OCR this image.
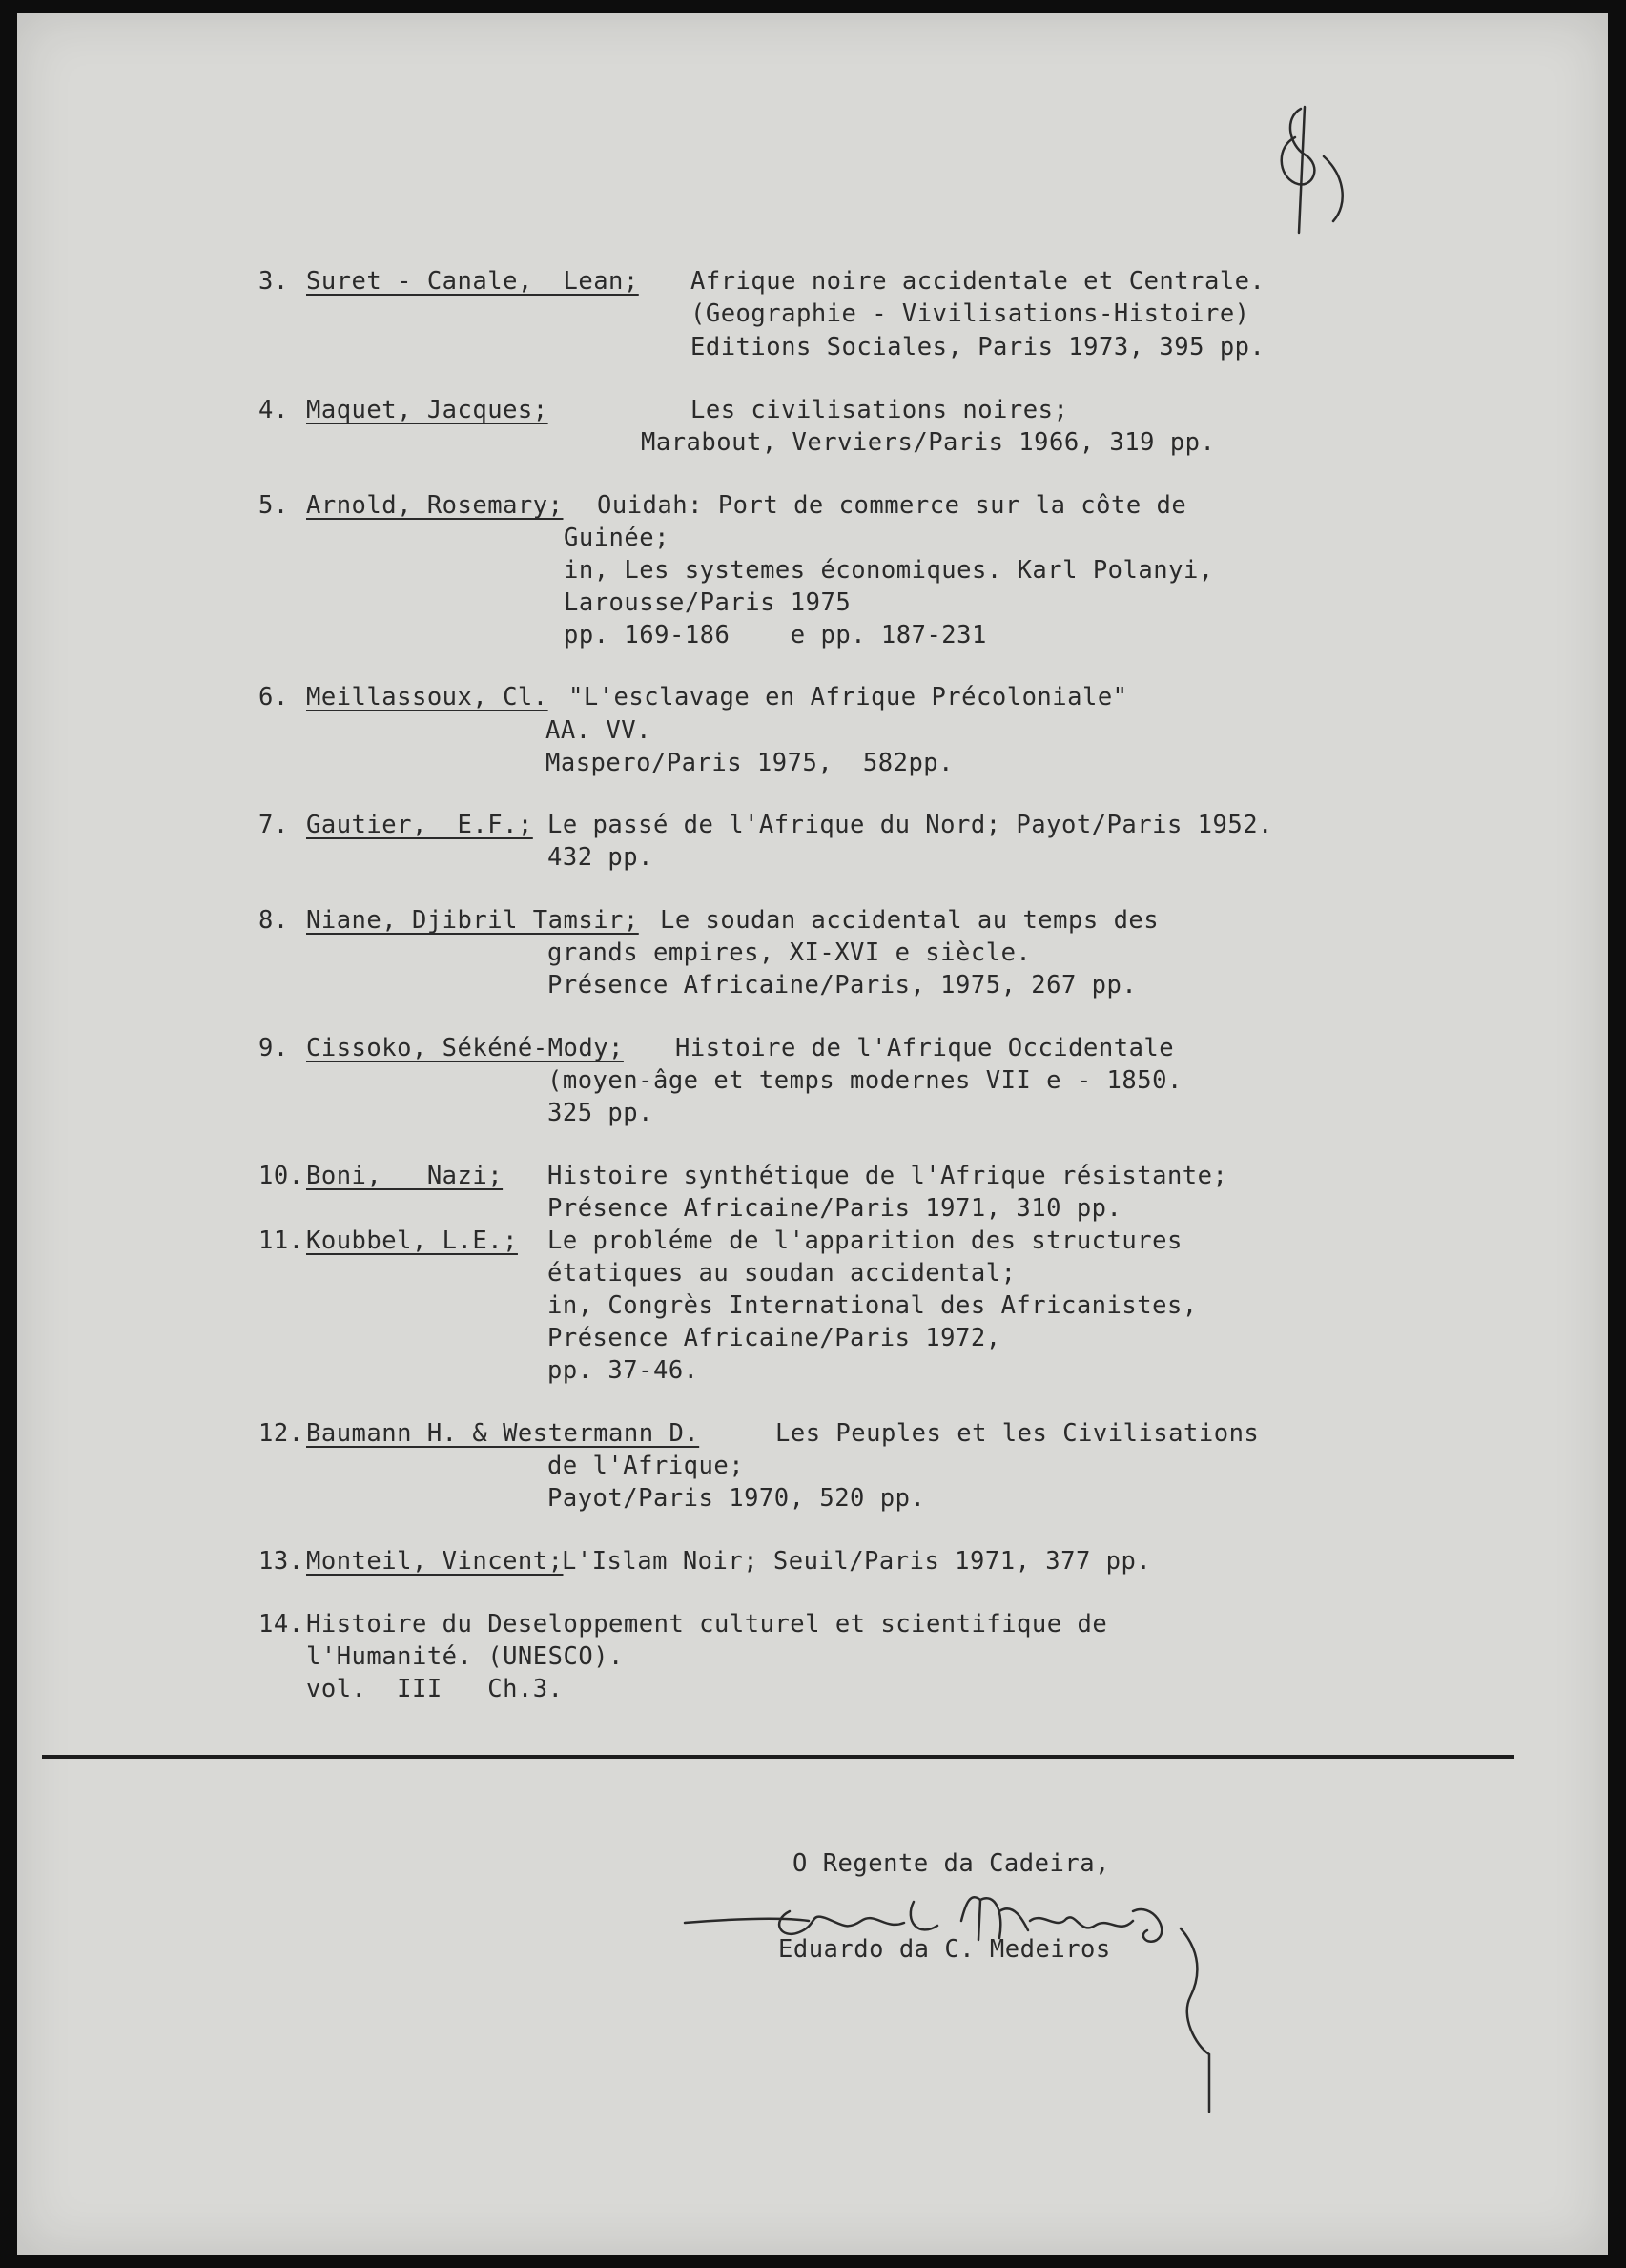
3. Suret - Canale,  Lean; Afrique noire accidentale et Centrale.
(Geographie - Vivilisations-Histoire)
Editions Sociales, Paris 1973, 395 pp.
4. Maquet, Jacques;	Les civilisations noires;
Marabout, Verviers/Paris 1966, 319 pp.
5. Arnold, Rosemary; Ouidah: Port de commerce sur la côte de
Guinée;
in, Les systemes économiques. Karl Polanyi,
Larousse/Paris 1975
pp. 169-186    e pp. 187-231
6. Meillassoux, Cl. "L'esclavage en Afrique Précoloniale"
AA. VV.
Maspero/Paris 1975,  582pp.
7. Gautier,  E.F.; Le passé de l'Afrique du Nord; Payot/Paris 1952.
432 pp.
8. Niane, Djibril Tamsir; Le soudan accidental au temps des
grands empires, XI-XVI e siècle.
Présence Africaine/Paris, 1975, 267 pp.
9. Cissoko, Sékéné-Mody; Histoire de l'Afrique Occidentale
(moyen-âge et temps modernes VII e - 1850.
325 pp.
10. Boni,   Nazi; Histoire synthétique de l'Afrique résistante;
Présence Africaine/Paris 1971, 310 pp.
11. Koubbel, L.E.; Le probléme de l'apparition des structures
étatiques au soudan accidental;
in, Congrès International des Africanistes,
Présence Africaine/Paris 1972,
pp. 37-46.
12. Baumann H. & Westermann D.	Les Peuples et les Civilisations
de l'Afrique;
Payot/Paris 1970, 520 pp.
13. Monteil, Vincent;
L'Islam Noir; Seuil/Paris 1971, 377 pp.
14. Histoire du Deseloppement culturel et scientifique de
l'Humanité. (UNESCO).
vol.  III   Ch.3.
O Regente da Cadeira,
Eduardo da C. Medeiros
